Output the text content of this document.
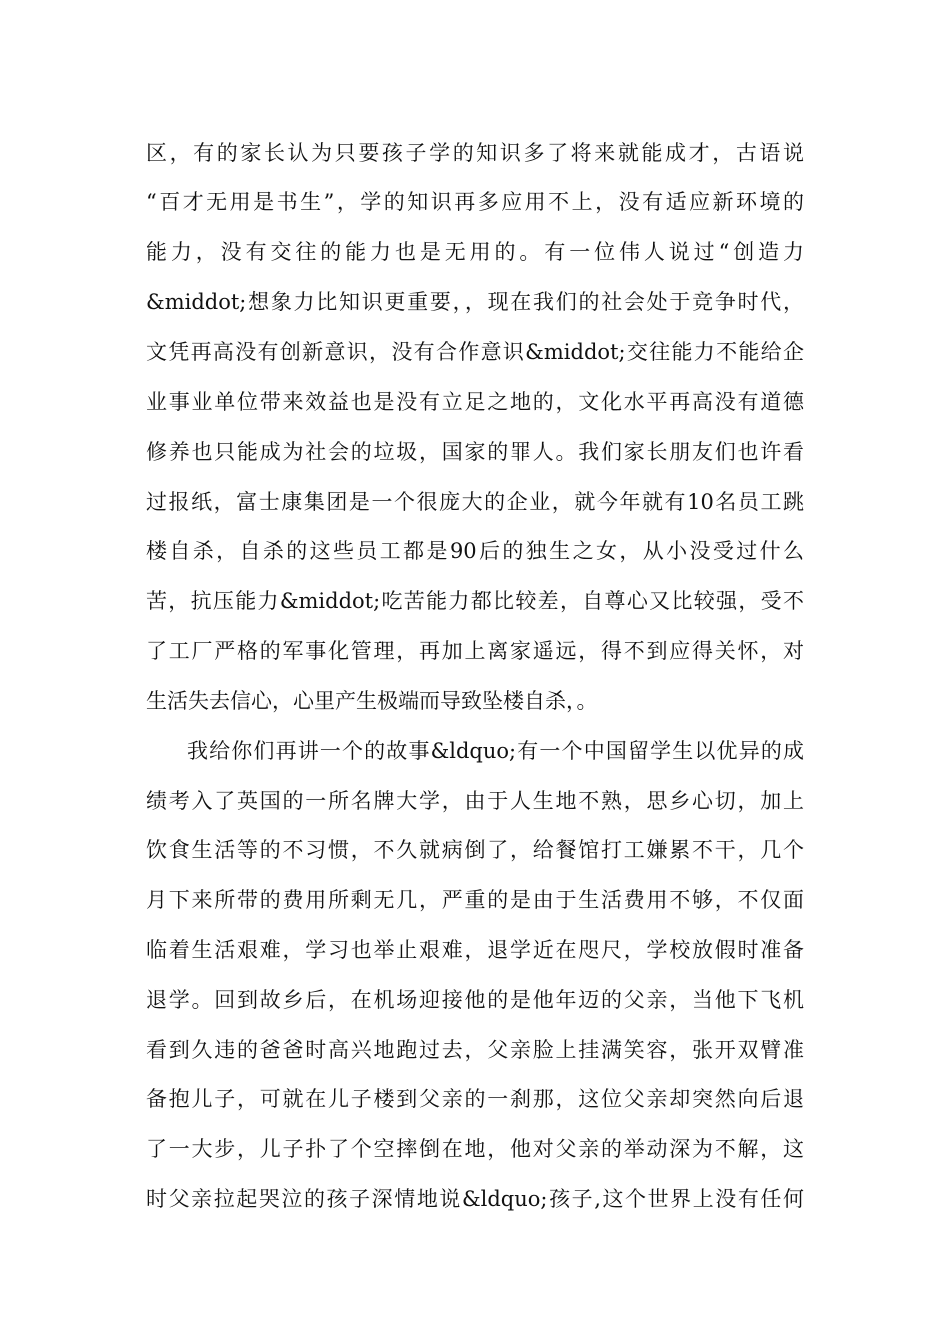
区，有的家长认为只要孩子学的知识多了将来就能成才，古语说
“百才无用是书生”，学的知识再多应用不上，没有适应新环境的
能力，没有交往的能力也是无用的。有一位伟人说过“创造力
&middot;想象力比知识更重要，，现在我们的社会处于竞争时代，
文凭再高没有创新意识，没有合作意识&middot;交往能力不能给企
业事业单位带来效益也是没有立足之地的，文化水平再高没有道德
修养也只能成为社会的垃圾，国家的罪人。我们家长朋友们也许看
过报纸，富士康集团是一个很庞大的企业，就今年就有10名员工跳
楼自杀，自杀的这些员工都是90后的独生之女，从小没受过什么
苦，抗压能力&middot;吃苦能力都比较差，自尊心又比较强，受不
了工厂严格的军事化管理，再加上离家遥远，得不到应得关怀，对
生活失去信心，心里产生极端而导致坠楼自杀，。
我给你们再讲一个的故事&ldquo;有一个中国留学生以优异的成
绩考入了英国的一所名牌大学，由于人生地不熟，思乡心切，加上
饮食生活等的不习惯，不久就病倒了，给餐馆打工嫌累不干，几个
月下来所带的费用所剩无几，严重的是由于生活费用不够，不仅面
临着生活艰难，学习也举止艰难，退学近在咫尺，学校放假时准备
退学。回到故乡后，在机场迎接他的是他年迈的父亲，当他下飞机
看到久违的爸爸时高兴地跑过去，父亲脸上挂满笑容，张开双臂准
备抱儿子，可就在儿子楼到父亲的一刹那，这位父亲却突然向后退
了一大步，儿子扑了个空摔倒在地，他对父亲的举动深为不解，这
时父亲拉起哭泣的孩子深情地说&ldquo;孩子,这个世界上没有任何
